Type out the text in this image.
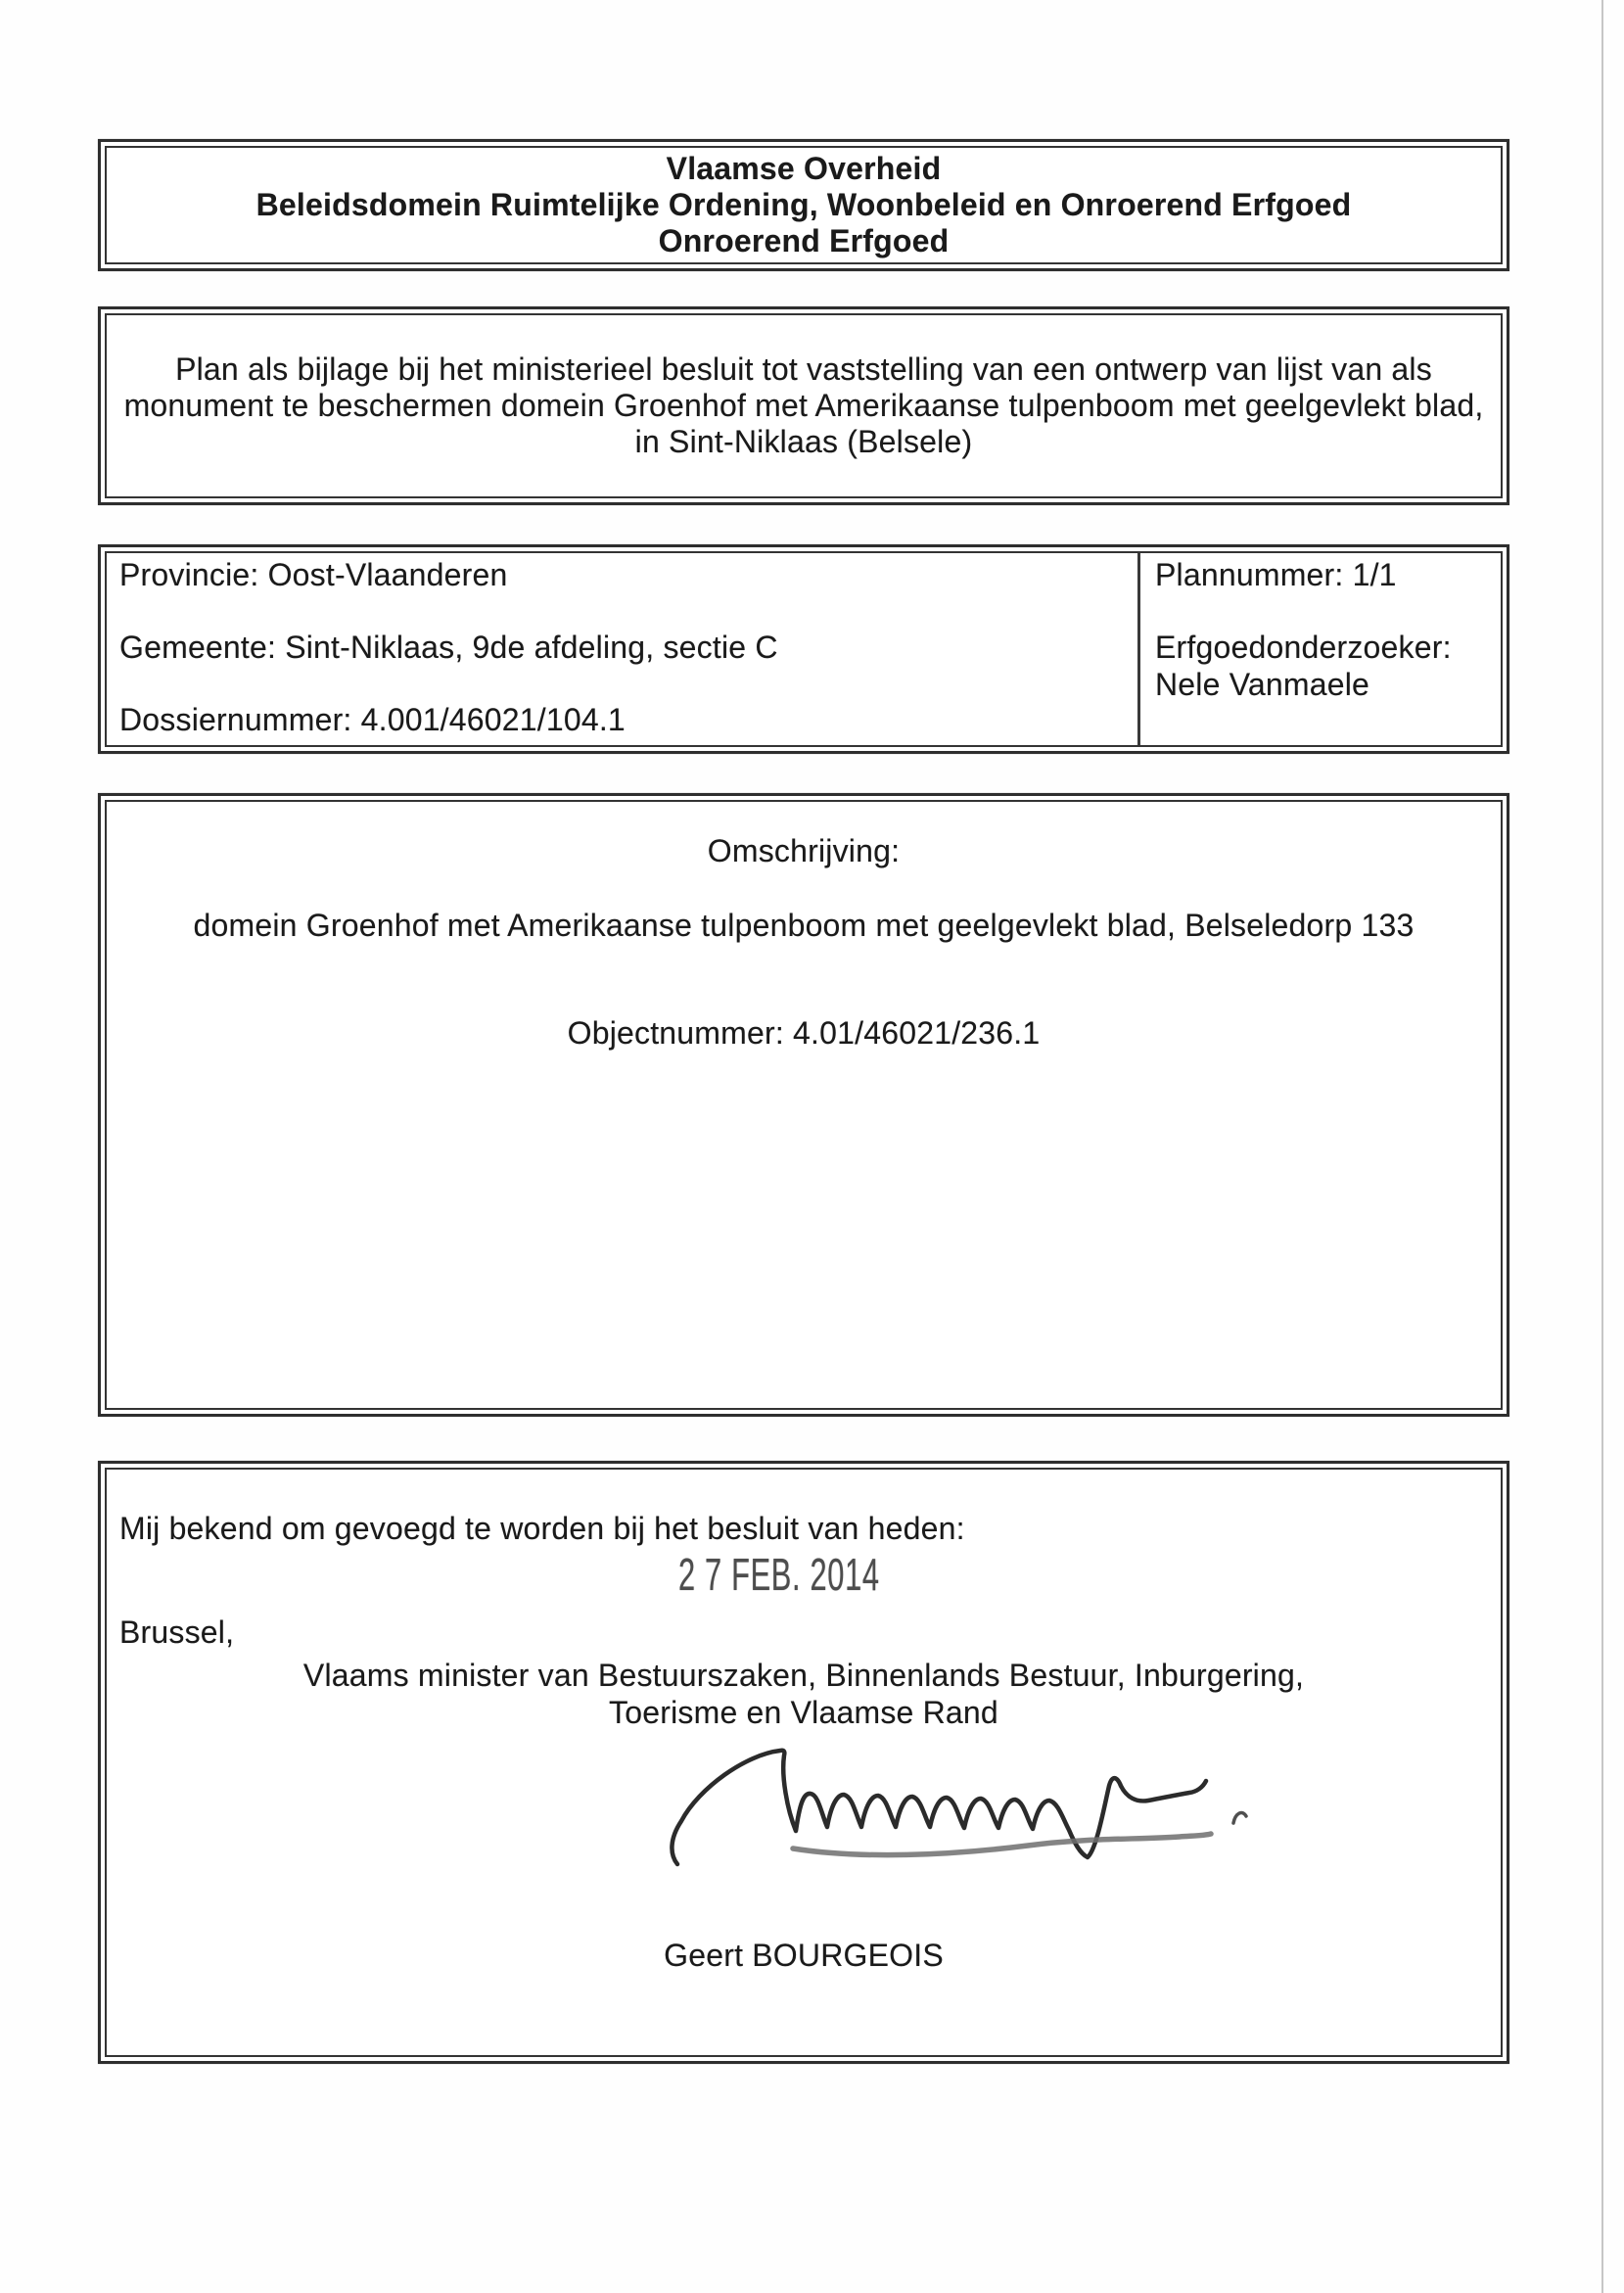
Vlaamse Overheid
Beleidsdomein Ruimtelijke Ordening, Woonbeleid en Onroerend Erfgoed
Onroerend Erfgoed
Plan als bijlage bij het ministerieel besluit tot vaststelling van een ontwerp van lijst van als
monument te beschermen domein Groenhof met Amerikaanse tulpenboom met geelgevlekt blad,
in Sint-Niklaas (Belsele)
Provincie: Oost-Vlaanderen
Gemeente: Sint-Niklaas, 9de afdeling, sectie C
Dossiernummer: 4.001/46021/104.1
Plannummer: 1/1
Erfgoedonderzoeker:
Nele Vanmaele
Omschrijving:
domein Groenhof met Amerikaanse tulpenboom met geelgevlekt blad, Belseledorp 133
Objectnummer: 4.01/46021/236.1
Mij bekend om gevoegd te worden bij het besluit van heden:
2 7 FEB. 2014
Brussel,
Vlaams minister van Bestuurszaken, Binnenlands Bestuur, Inburgering,
Toerisme en Vlaamse Rand
Geert BOURGEOIS
